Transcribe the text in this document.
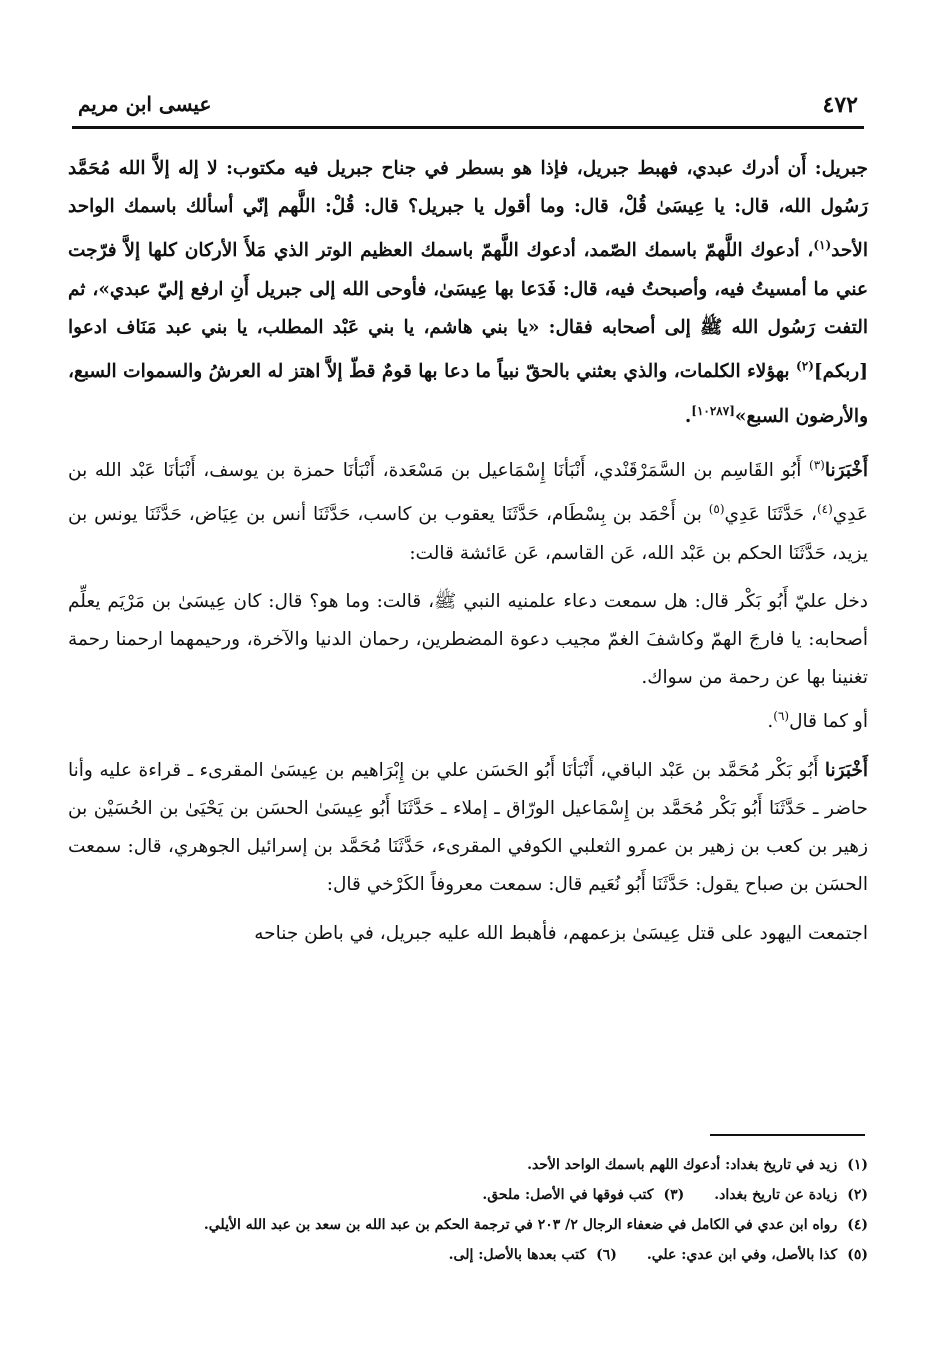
٤٧٢
عيسى ابن مريم

جبريل: أَن أدرك عبدي، فهبط جبريل، فإذا هو بسطر في جناح جبريل فيه مكتوب: لا إله إلاَّ الله مُحَمَّد رَسُول الله، قال: يا عِيسَىٰ قُلْ، قال: وما أقول يا جبريل؟ قال: قُلْ: اللَّهم إنّي أسألك باسمك الواحد الأحد$^{(١)}$، أدعوك اللَّهمّ باسمك الصّمد، أدعوك اللَّهمّ باسمك العظيم الوتر الذي مَلأَ الأركان كلها إلاَّ فرّجت عني ما أمسيتُ فيه، وأصبحتُ فيه، قال: فَدَعا بها عِيسَىٰ، فأوحى الله إلى جبريل أَنِ ارفع إليّ عبدي»، ثم التفت رَسُول الله ﷺ إلى أصحابه فقال: «يا بني هاشم، يا بني عَبْد المطلب، يا بني عبد مَنَاف ادعوا [ربكم]$^{(٢)}$ بهؤلاء الكلمات، والذي بعثني بالحقّ نبياً ما دعا بها قومٌ قطّ إلاَّ اهتز له العرشُ والسموات السبع، والأرضون السبع»[١٠٢٨٧].

أَخْبَرَنا$^{(٣)}$ أَبُو القَاسِم بن السَّمَرْقَنْدي، أَنْبَأنَا إِسْمَاعيل بن مَسْعَدة، أَنْبَأنَا حمزة بن يوسف، أَنْبَأنَا عَبْد الله بن عَدِي$^{(٤)}$، حَدَّثَنَا عَدِي$^{(٥)}$ بن أَحْمَد بن بِسْطَام، حَدَّثَنَا يعقوب بن كاسب، حَدَّثَنَا أنس بن عِيَاض، حَدَّثَنَا يونس بن يزيد، حَدَّثَنَا الحكم بن عَبْد الله، عَن القاسم، عَن عَائشة قالت:

دخل عليّ أَبُو بَكْر قال: هل سمعت دعاء علمنيه النبي ﷺ، قالت: وما هو؟ قال: كان عِيسَىٰ بن مَرْيَم يعلِّم أصحابه: يا فارجَ الهمّ وكاشفَ الغمّ مجيب دعوة المضطرين، رحمان الدنيا والآخرة، ورحيمهما ارحمنا رحمة تغنينا بها عن رحمة من سواك.

أو كما قال$^{(٦)}$.

أَخْبَرَنا أَبُو بَكْر مُحَمَّد بن عَبْد الباقي، أَنْبَأنَا أَبُو الحَسَن علي بن إِبْرَاهيم بن عِيسَىٰ المقرىء ـ قراءة عليه وأنا حاضر ـ حَدَّثَنَا أَبُو بَكْر مُحَمَّد بن إِسْمَاعيل الورّاق ـ إملاء ـ حَدَّثَنَا أَبُو عِيسَىٰ الحسَن بن يَحْيَىٰ بن الحُسَيْن بن زهير بن كعب بن زهير بن عمرو الثعلبي الكوفي المقرىء، حَدَّثَنَا مُحَمَّد بن إسرائيل الجوهري، قال: سمعت الحسَن بن صباح يقول: حَدَّثَنَا أَبُو نُعَيم قال: سمعت معروفاً الكَرْخي قال:

اجتمعت اليهود على قتل عِيسَىٰ بزعمهم، فأهبط الله عليه جبريل، في باطن جناحه

(١)زيد في تاريخ بغداد: أدعوك اللهم باسمك الواحد الأحد.
(٢)زيادة عن تاريخ بغداد.
(٣)كتب فوقها في الأصل: ملحق.
(٤)رواه ابن عدي في الكامل في ضعفاء الرجال ٢/ ٢٠٣ في ترجمة الحكم بن عبد الله بن سعد بن عبد الله الأيلي.
(٥)كذا بالأصل، وفي ابن عدي: علي.
(٦)كتب بعدها بالأصل: إلى.
